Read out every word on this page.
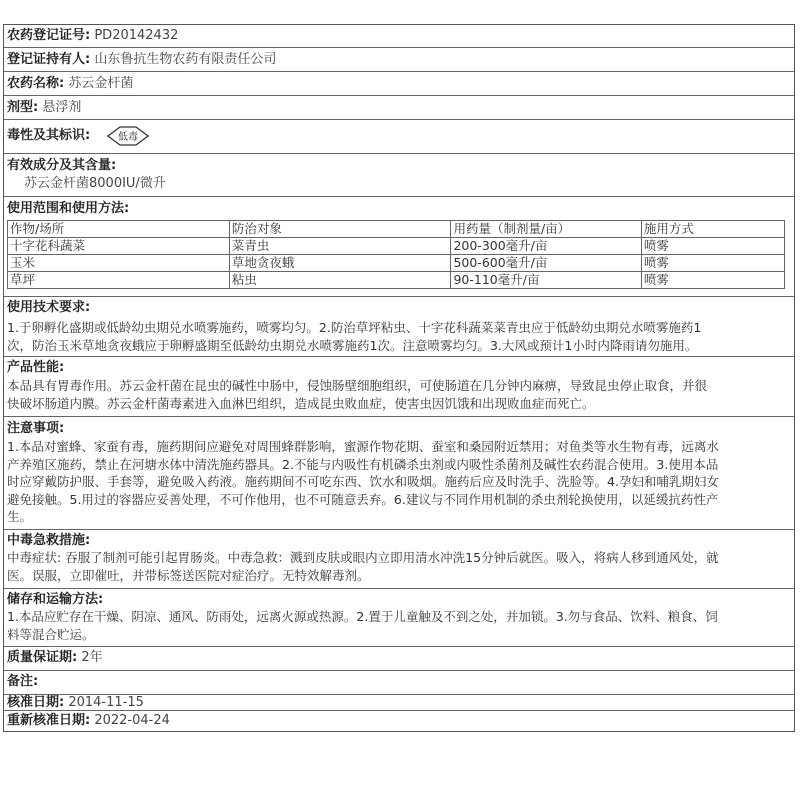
农药登记证号: PD20142432
登记证持有人: 山东鲁抗生物农药有限责任公司
农药名称: 苏云金杆菌
剂型: 悬浮剂
毒性及其标识:	低毒
有效成分及其含量:
苏云金杆菌8000IU/微升
使用范围和使用方法:
作物/场所	防治对象	用药量（制剂量/亩）	施用方式
十字花科蔬菜	菜青虫	200-300毫升/亩	喷雾
玉米	草地贪夜蛾	500-600毫升/亩	喷雾
草坪	粘虫	90-110毫升/亩	喷雾
使用技术要求:
1.于卵孵化盛期或低龄幼虫期兑水喷雾施药，喷雾均匀。2.防治草坪粘虫、十字花科蔬菜菜青虫应于低龄幼虫期兑水喷雾施药1
次，防治玉米草地贪夜蛾应于卵孵盛期至低龄幼虫期兑水喷雾施药1次。注意喷雾均匀。3.大风或预计1小时内降雨请勿施用。
产品性能:
本品具有胃毒作用。苏云金杆菌在昆虫的碱性中肠中，侵蚀肠壁细胞组织，可使肠道在几分钟内麻痹，导致昆虫停止取食，并很
快破坏肠道内膜。苏云金杆菌毒素进入血淋巴组织，造成昆虫败血症，使害虫因饥饿和出现败血症而死亡。
注意事项:
1.本品对蜜蜂、家蚕有毒，施药期间应避免对周围蜂群影响，蜜源作物花期、蚕室和桑园附近禁用；对鱼类等水生物有毒，远离水
产养殖区施药，禁止在河塘水体中清洗施药器具。2.不能与内吸性有机磷杀虫剂或内吸性杀菌剂及碱性农药混合使用。3.使用本品
时应穿戴防护服、手套等，避免吸入药液。施药期间不可吃东西、饮水和吸烟。施药后应及时洗手、洗脸等。4.孕妇和哺乳期妇女
避免接触。5.用过的容器应妥善处理，不可作他用，也不可随意丢弃。6.建议与不同作用机制的杀虫剂轮换使用，以延缓抗药性产
生。
中毒急救措施:
中毒症状: 吞服了制剂可能引起胃肠炎。中毒急救：溅到皮肤或眼内立即用清水冲洗15分钟后就医。吸入，将病人移到通风处，就
医。误服，立即催吐，并带标签送医院对症治疗。无特效解毒剂。
储存和运输方法:
1.本品应贮存在干燥、阴凉、通风、防雨处，远离火源或热源。2.置于儿童触及不到之处，并加锁。3.勿与食品、饮料、粮食、饲
料等混合贮运。
质量保证期: 2年
备注:
核准日期: 2014-11-15
重新核准日期: 2022-04-24
